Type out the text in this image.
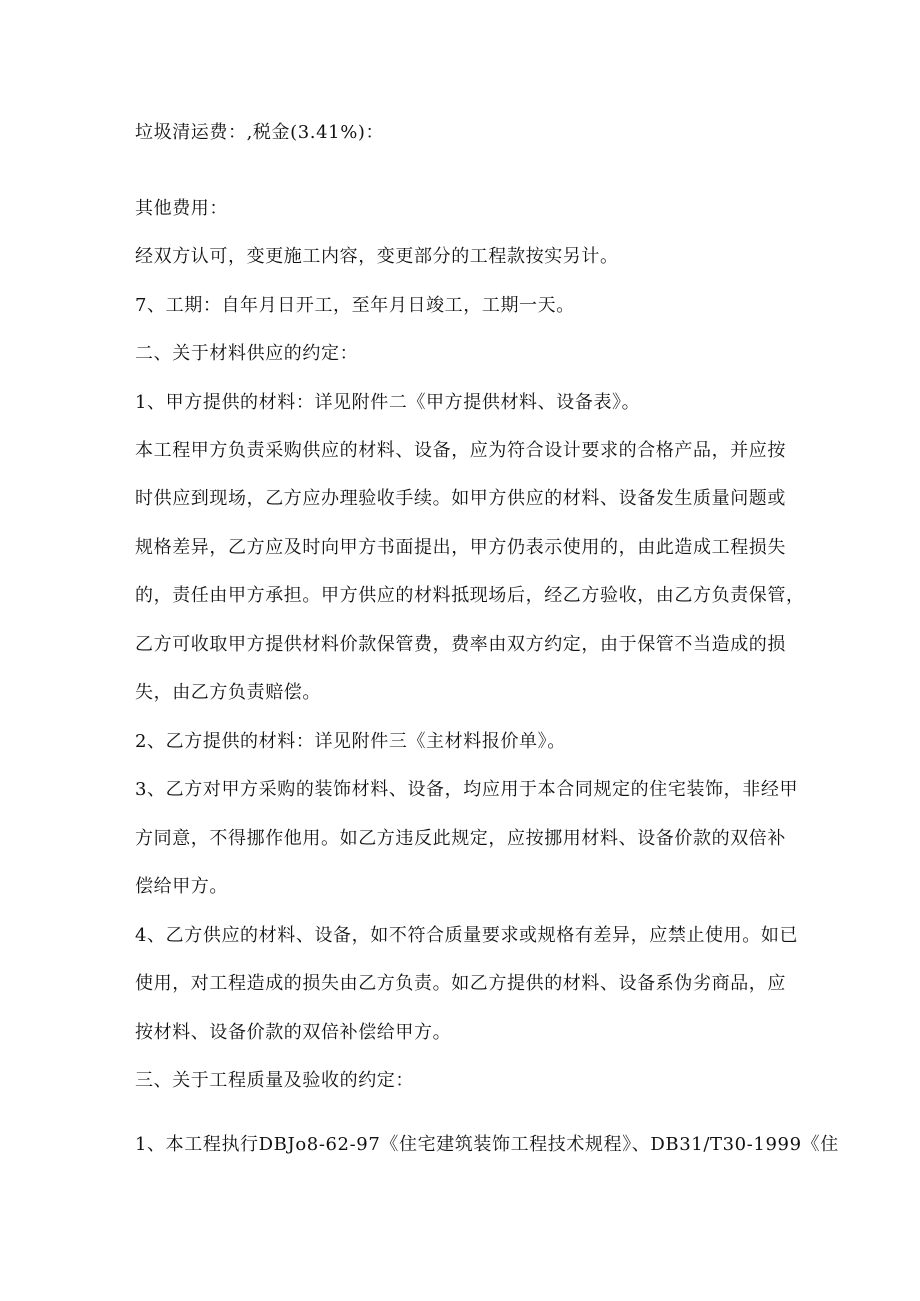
垃圾清运费：,税金(3.41%)：
其他费用：
经双方认可，变更施工内容，变更部分的工程款按实另计。
7、工期：自年月日开工，至年月日竣工，工期一天。
二、关于材料供应的约定：
1、甲方提供的材料：详见附件二《甲方提供材料、设备表》。
本工程甲方负责采购供应的材料、设备，应为符合设计要求的合格产品，并应按
时供应到现场，乙方应办理验收手续。如甲方供应的材料、设备发生质量问题或
规格差异，乙方应及时向甲方书面提出，甲方仍表示使用的，由此造成工程损失
的，责任由甲方承担。甲方供应的材料抵现场后，经乙方验收，由乙方负责保管，
乙方可收取甲方提供材料价款保管费，费率由双方约定，由于保管不当造成的损
失，由乙方负责赔偿。
2、乙方提供的材料：详见附件三《主材料报价单》。
3、乙方对甲方采购的装饰材料、设备，均应用于本合同规定的住宅装饰，非经甲
方同意，不得挪作他用。如乙方违反此规定，应按挪用材料、设备价款的双倍补
偿给甲方。
4、乙方供应的材料、设备，如不符合质量要求或规格有差异，应禁止使用。如已
使用，对工程造成的损失由乙方负责。如乙方提供的材料、设备系伪劣商品，应
按材料、设备价款的双倍补偿给甲方。
三、关于工程质量及验收的约定：
1、本工程执行DBJo8-62-97《住宅建筑装饰工程技术规程》、DB31/T30-1999《住
